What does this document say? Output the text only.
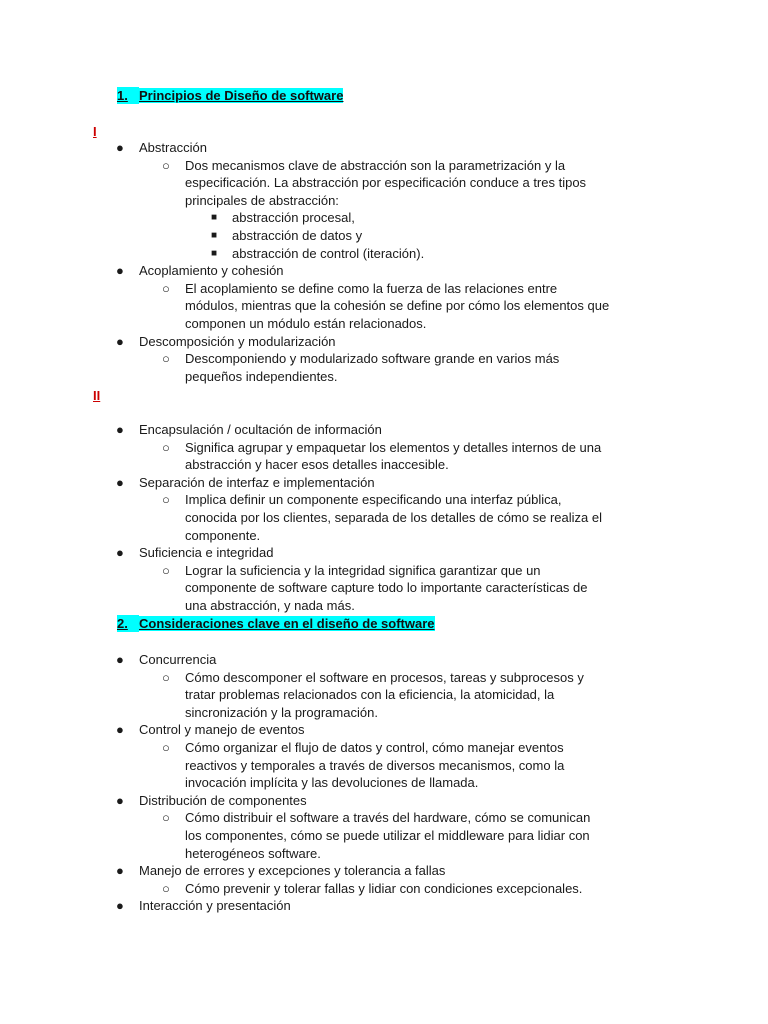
1. Principios de Diseño de software
I
● Abstracción
○ Dos mecanismos clave de abstracción son la parametrización y la especificación. La abstracción por especificación conduce a tres tipos principales de abstracción:
■ abstracción procesal,
■ abstracción de datos y
■ abstracción de control (iteración).
● Acoplamiento y cohesión
○ El acoplamiento se define como la fuerza de las relaciones entre módulos, mientras que la cohesión se define por cómo los elementos que componen un módulo están relacionados.
● Descomposición y modularización
○ Descomponiendo y modularizado software grande en varios más pequeños independientes.
II
● Encapsulación / ocultación de información
○ Significa agrupar y empaquetar los elementos y detalles internos de una abstracción y hacer esos detalles inaccesible.
● Separación de interfaz e implementación
○ Implica definir un componente especificando una interfaz pública, conocida por los clientes, separada de los detalles de cómo se realiza el componente.
● Suficiencia e integridad
○ Lograr la suficiencia y la integridad significa garantizar que un componente de software capture todo lo importante características de una abstracción, y nada más.
2. Consideraciones clave en el diseño de software
● Concurrencia
○ Cómo descomponer el software en procesos, tareas y subprocesos y tratar problemas relacionados con la eficiencia, la atomicidad, la sincronización y la programación.
● Control y manejo de eventos
○ Cómo organizar el flujo de datos y control, cómo manejar eventos reactivos y temporales a través de diversos mecanismos, como la invocación implícita y las devoluciones de llamada.
● Distribución de componentes
○ Cómo distribuir el software a través del hardware, cómo se comunican los componentes, cómo se puede utilizar el middleware para lidiar con heterogéneos software.
● Manejo de errores y excepciones y tolerancia a fallas
○ Cómo prevenir y tolerar fallas y lidiar con condiciones excepcionales.
● Interacción y presentación
